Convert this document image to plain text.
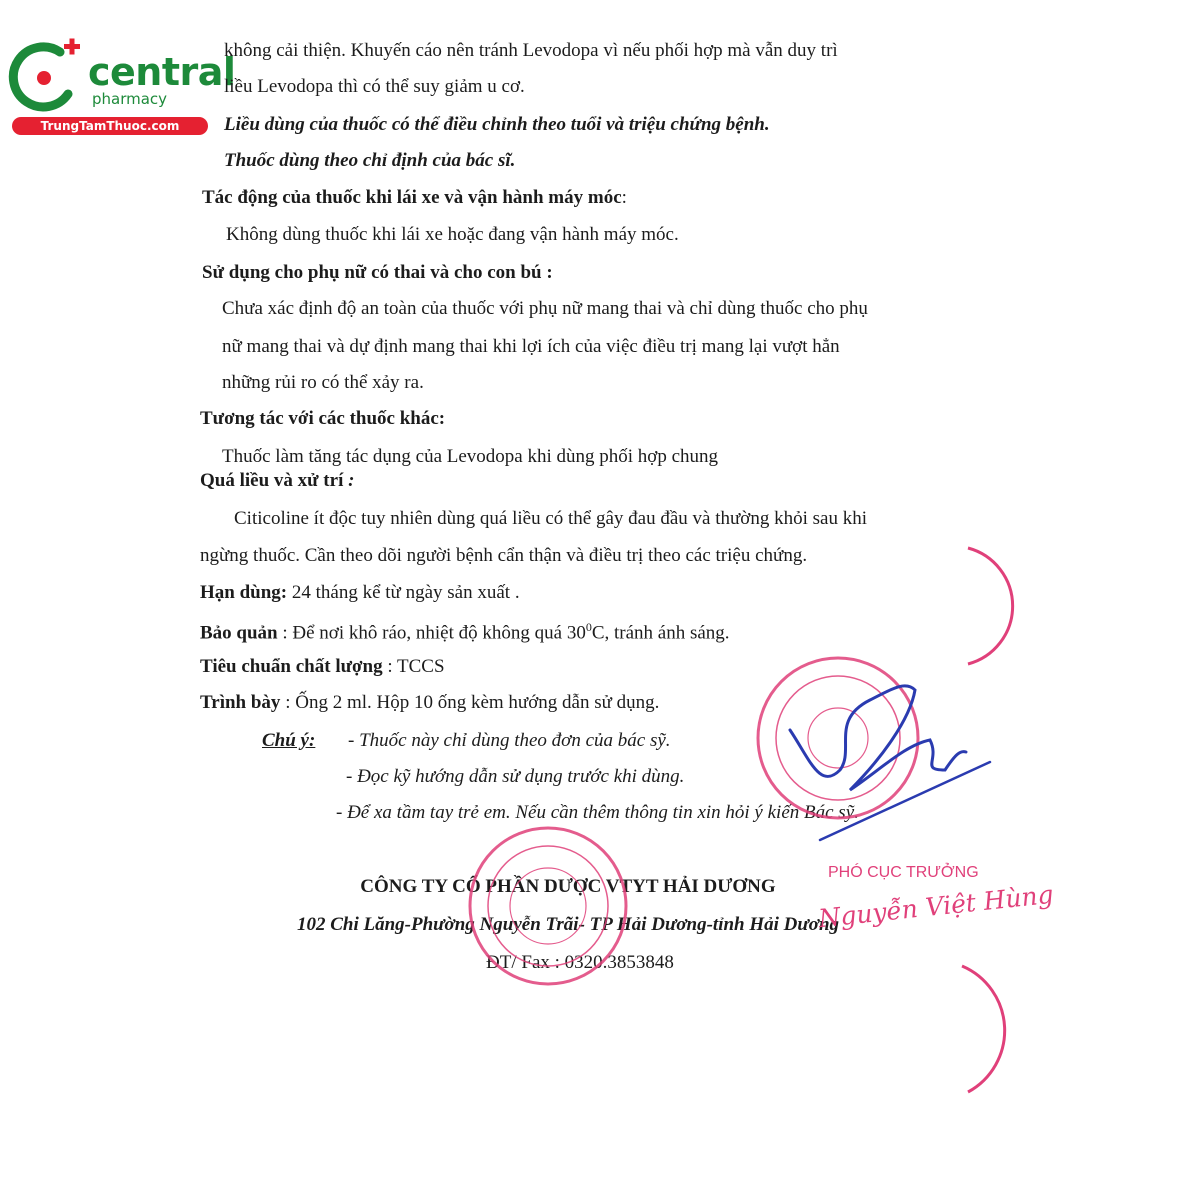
central
pharmacy
TrungTamThuoc.com
không cải thiện. Khuyến cáo nên tránh Levodopa vì nếu phối hợp mà vẫn duy trì
liều Levodopa thì có thể suy giảm u cơ.
Liều dùng của thuốc có thể điều chỉnh theo tuổi và triệu chứng bệnh.
Thuốc dùng theo chỉ định của bác sĩ.
Tác động của thuốc khi lái xe và vận hành máy móc:
Không dùng thuốc khi lái xe hoặc đang vận hành máy móc.
Sử dụng cho phụ nữ có thai và cho con bú :
Chưa xác định độ an toàn của thuốc với phụ nữ mang thai và chỉ dùng thuốc cho phụ
nữ mang thai và dự định mang thai khi lợi ích của việc điều trị mang lại vượt hẳn
những rủi ro có thể xảy ra.
Tương tác với các thuốc khác:
Thuốc làm tăng tác dụng của Levodopa khi dùng phối hợp chung
Quá liều và xử trí :
Citicoline ít độc tuy nhiên dùng quá liều có thể gây đau đầu và thường khỏi sau khi
ngừng thuốc. Cần theo dõi người bệnh cẩn thận và điều trị theo các triệu chứng.
Hạn dùng: 24 tháng kể từ ngày sản xuất .
Bảo quản : Để nơi khô ráo, nhiệt độ không quá $30^0C$, tránh ánh sáng.
Tiêu chuẩn chất lượng : TCCS
Trình bày : Ống 2 ml. Hộp 10 ống kèm hướng dẫn sử dụng.
Chú ý: - Thuốc này chỉ dùng theo đơn của bác sỹ.
- Đọc kỹ hướng dẫn sử dụng trước khi dùng.
- Để xa tầm tay trẻ em. Nếu cần thêm thông tin xin hỏi ý kiến Bác sỹ.
CÔNG TY CỔ PHẦN DƯỢC VTYT HẢI DƯƠNG
102 Chi Lăng-Phường Nguyễn Trãi- TP Hải Dương-tỉnh Hải Dương
ĐT/ Fax : 0320.3853848
PHÓ CỤC TRƯỞNG
Nguyễn Việt Hùng
